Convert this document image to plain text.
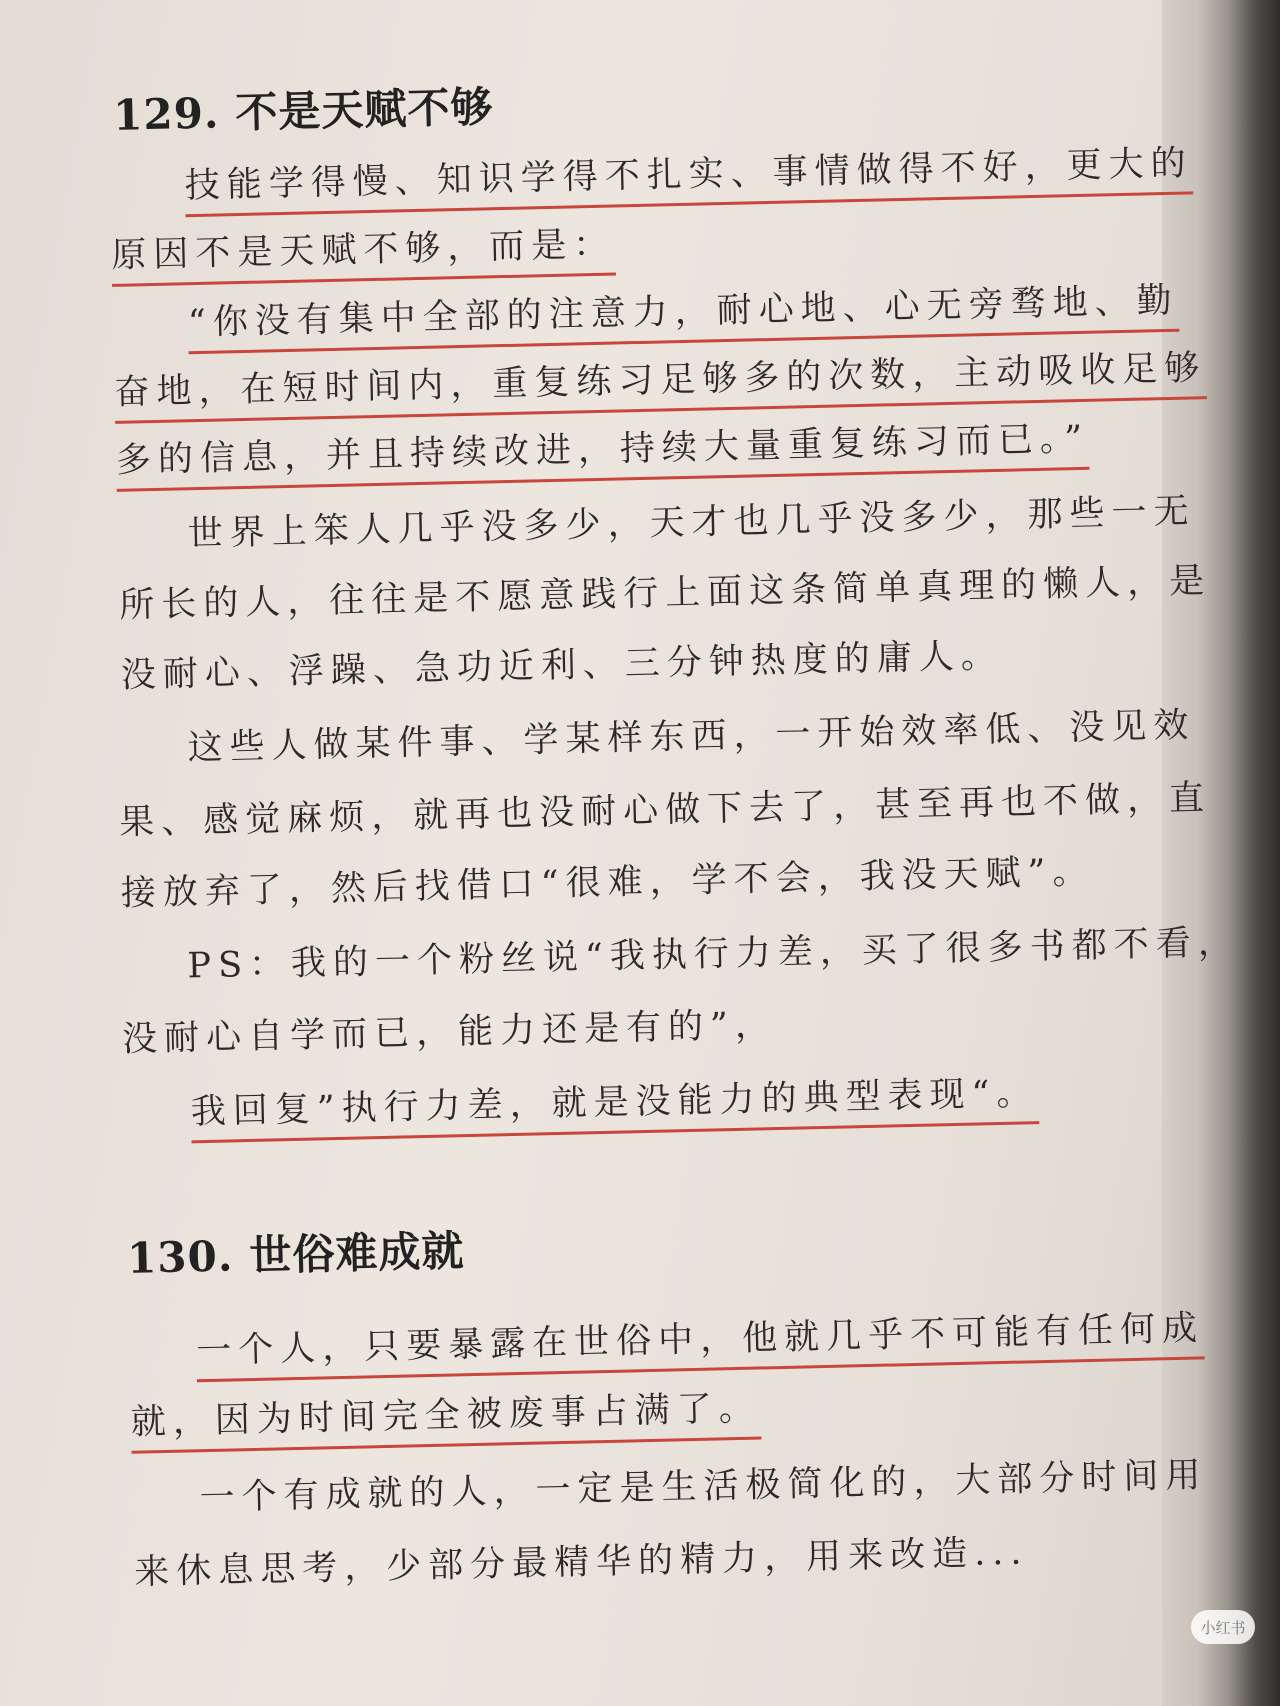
129. 不是天赋不够
技能学得慢、知识学得不扎实、事情做得不好，更大的
原因不是天赋不够，而是：
“你没有集中全部的注意力，耐心地、心无旁骛地、勤
奋地，在短时间内，重复练习足够多的次数，主动吸收足够
多的信息，并且持续改进，持续大量重复练习而已。”
世界上笨人几乎没多少，天才也几乎没多少，那些一无
所长的人，往往是不愿意践行上面这条简单真理的懒人，是
没耐心、浮躁、急功近利、三分钟热度的庸人。
这些人做某件事、学某样东西，一开始效率低、没见效
果、感觉麻烦，就再也没耐心做下去了，甚至再也不做，直
接放弃了，然后找借口“很难，学不会，我没天赋”。
PS：我的一个粉丝说“我执行力差，买了很多书都不看，
没耐心自学而已，能力还是有的”，
我回复”执行力差，就是没能力的典型表现“。
130. 世俗难成就
一个人，只要暴露在世俗中，他就几乎不可能有任何成
就，因为时间完全被废事占满了。
一个有成就的人，一定是生活极简化的，大部分时间用
来休息思考，少部分最精华的精力，用来改造...
小红书
